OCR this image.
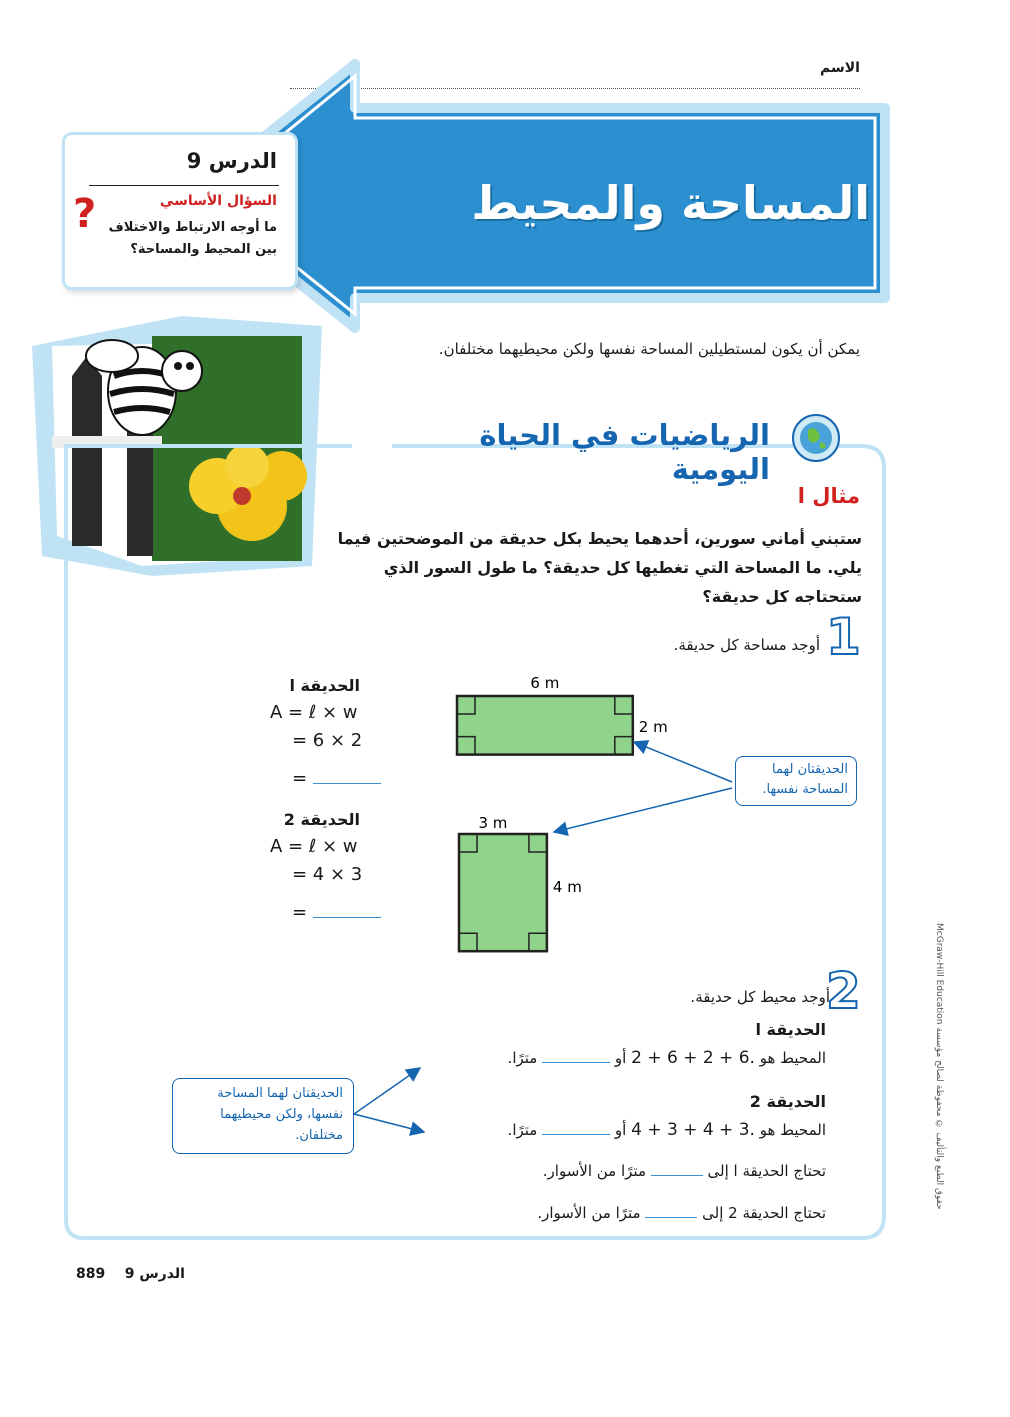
الاسم
المساحة والمحيط
الدرس 9
السؤال الأساسي
ما أوجه الارتباط والاختلاف بين المحيط والمساحة؟
?
يمكن أن يكون لمستطيلين المساحة نفسها ولكن محيطيهما مختلفان.
الرياضيات في الحياة اليومية
مثال ا
ستبني أماني سورين، أحدهما يحيط بكل حديقة من الموضحتين فيما يلي. ما المساحة التي تغطيها كل حديقة؟ ما طول السور الذي ستحتاجه كل حديقة؟
1
أوجد مساحة كل حديقة.
الحديقة ا
A = ℓ × w
= 6 × 2
=
الحديقة 2
A = ℓ × w
= 4 × 3
=
6 m
2 m
3 m
4 m
الحديقتان لهما المساحة نفسها.
2
أوجد محيط كل حديقة.
الحديقة ا
المحيط هو 2 + 6 + 2 + 6. أو  مترًا.
الحديقة 2
المحيط هو 4 + 3 + 4 + 3. أو  مترًا.
الحديقتان لهما المساحة نفسها، ولكن محيطيهما مختلفان.
تحتاج الحديقة ا إلى  مترًا من الأسوار.
تحتاج الحديقة 2 إلى  مترًا من الأسوار.
889 الدرس 9
حقوق الطبع والتأليف © محفوظة لصالح مؤسسة McGraw-Hill Education
